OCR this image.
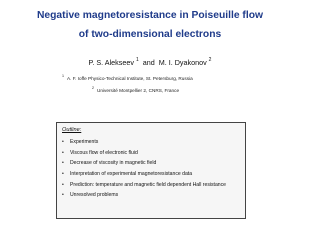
Negative magnetoresistance in Poiseuille flow
of two-dimensional electrons
P. S. Alekseev $^1$  and  M. I. Dyakonov $^2$
$^1$ A. F. Ioffe Physico-Technical Institute, St. Petersburg, Russia
$^2$ Université Montpellier 2, CNRS, France
Outline:
• Experiments
• Viscous flow of electronic fluid
• Decrease of viscosity in magnetic field
• Interpretation of experimental magnetoresistance data
• Prediction: temperature and magnetic field dependent Hall resistance
• Unresolved problems
